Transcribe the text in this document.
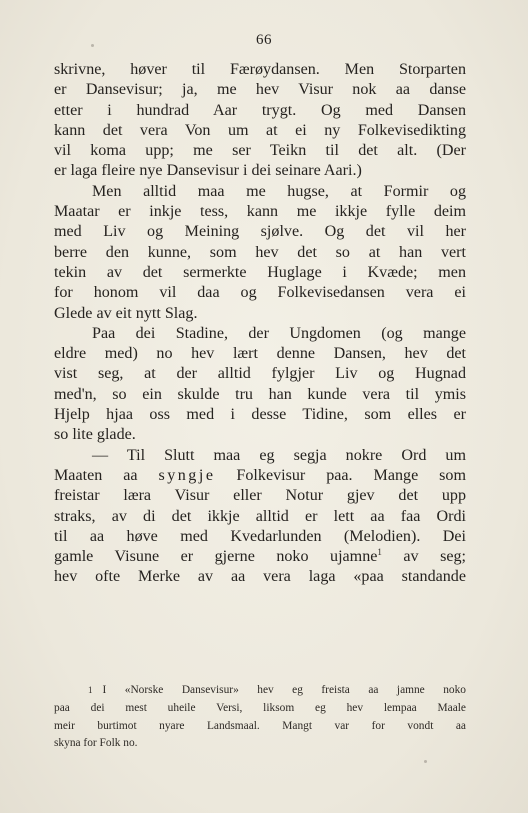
66
skrivne, høver til Færøydansen. Men Storparten
er Dansevisur; ja, me hev Visur nok aa danse
etter i hundrad Aar trygt. Og med Dansen
kann det vera Von um at ei ny Folkevisedikting
vil koma upp; me ser Teikn til det alt. (Der
er laga fleire nye Dansevisur i dei seinare Aari.)
Men alltid maa me hugse, at Formir og
Maatar er inkje tess, kann me ikkje fylle deim
med Liv og Meining sjølve. Og det vil her
berre den kunne, som hev det so at han vert
tekin av det sermerkte Huglage i Kvæde; men
for honom vil daa og Folkevisedansen vera ei
Glede av eit nytt Slag.
Paa dei Stadine, der Ungdomen (og mange
eldre med) no hev lært denne Dansen, hev det
vist seg, at der alltid fylgjer Liv og Hugnad
med'n, so ein skulde tru han kunde vera til ymis
Hjelp hjaa oss med i desse Tidine, som elles er
so lite glade.
— Til Slutt maa eg segja nokre Ord um
Maaten aa syngje Folkevisur paa. Mange som
freistar læra Visur eller Notur gjev det upp
straks, av di det ikkje alltid er lett aa faa Ordi
til aa høve med Kvedarlunden (Melodien). Dei
gamle Visune er gjerne noko ujamne$^1$ av seg;
hev ofte Merke av aa vera laga «paa standande
1 I «Norske Dansevisur» hev eg freista aa jamne noko
paa dei mest uheile Versi, liksom eg hev lempaa Maale
meir burtimot nyare Landsmaal. Mangt var for vondt aa
skyna for Folk no.
